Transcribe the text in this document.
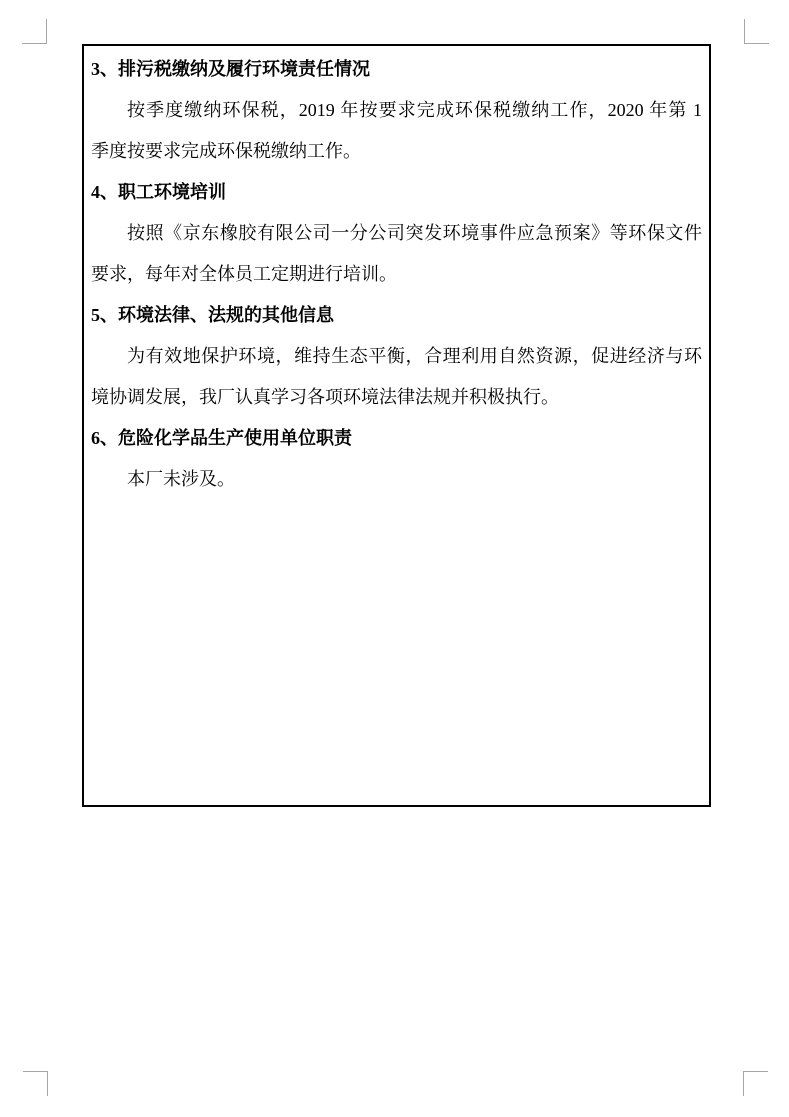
3、排污税缴纳及履行环境责任情况
按季度缴纳环保税，2019 年按要求完成环保税缴纳工作，2020 年第 1
季度按要求完成环保税缴纳工作。
4、职工环境培训
按照《京东橡胶有限公司一分公司突发环境事件应急预案》等环保文件
要求，每年对全体员工定期进行培训。
5、环境法律、法规的其他信息
为有效地保护环境，维持生态平衡，合理利用自然资源，促进经济与环
境协调发展，我厂认真学习各项环境法律法规并积极执行。
6、危险化学品生产使用单位职责
本厂未涉及。
